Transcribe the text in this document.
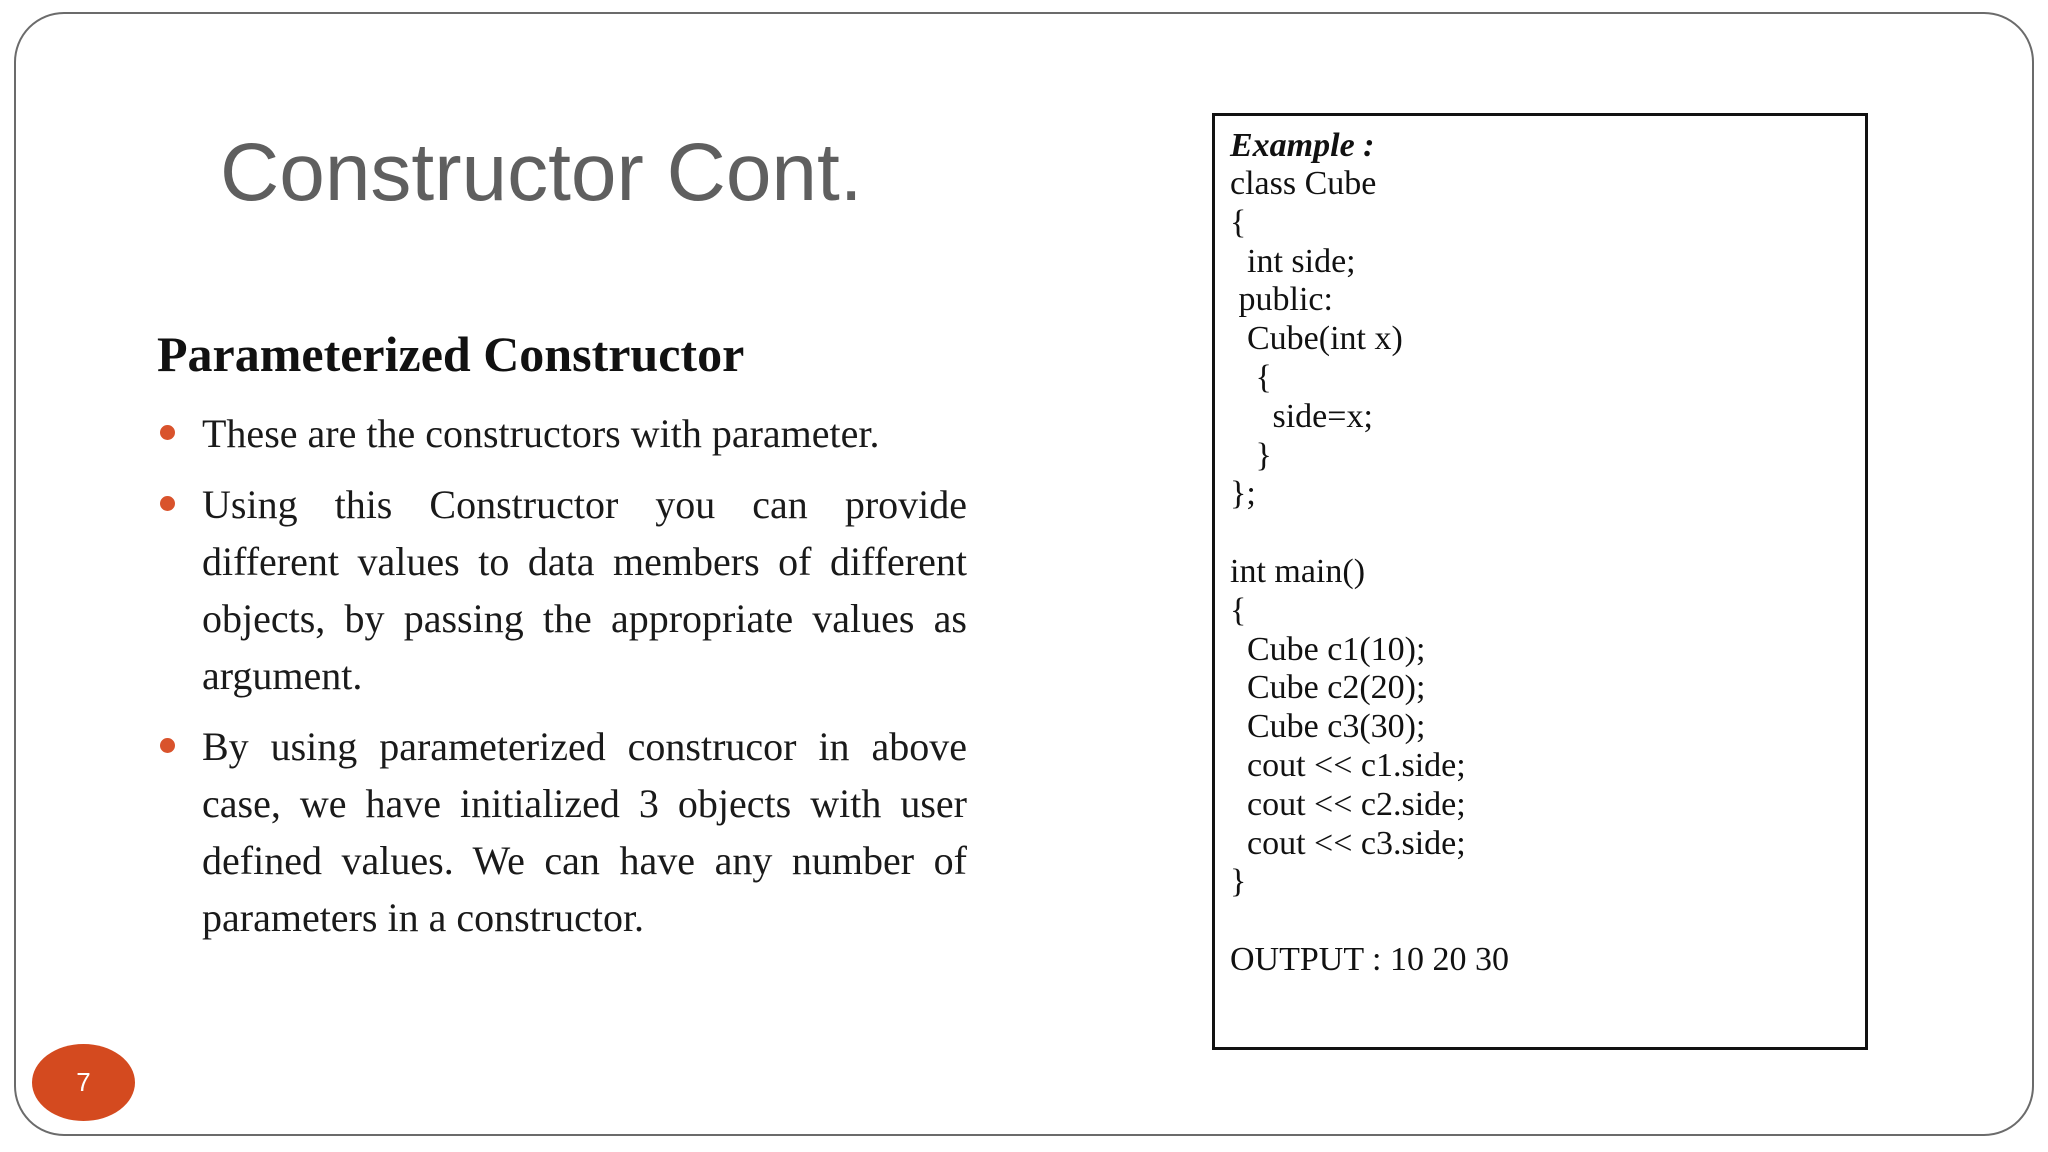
Constructor Cont.
Parameterized Constructor
These are the constructors with parameter.
Using this Constructor you can provide different values to data members of different objects, by passing the appropriate values as argument.
By using parameterized construcor in above case, we have initialized 3 objects with user defined values. We can have any number of parameters in a constructor.
Example :
class Cube
{
int side;
public:
Cube(int x)
{
side=x;
}
};
int main()
{
Cube c1(10);
Cube c2(20);
Cube c3(30);
cout << c1.side;
cout << c2.side;
cout << c3.side;
}
OUTPUT : 10 20 30
7
